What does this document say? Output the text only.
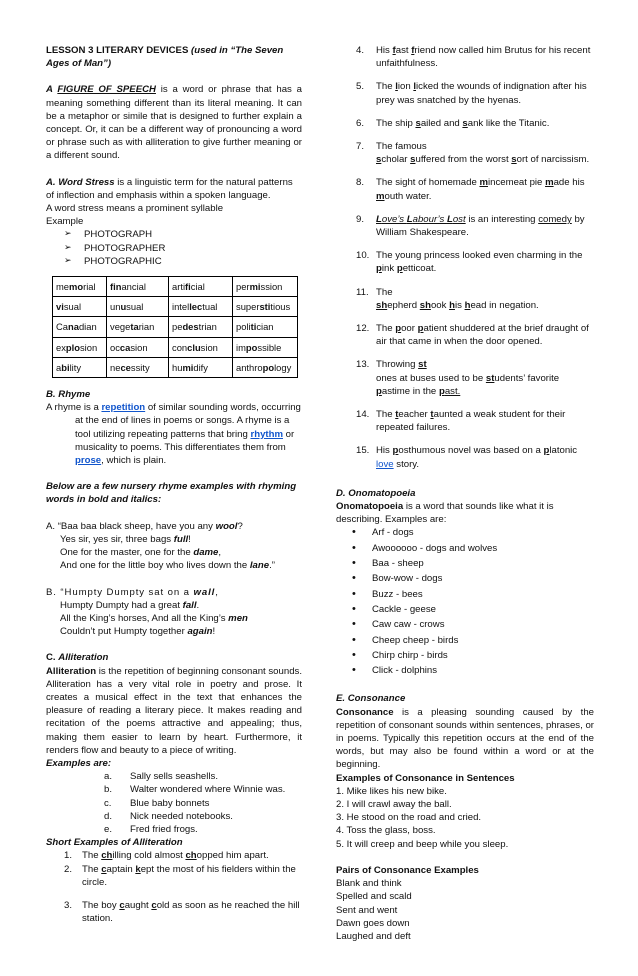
LESSON 3 LITERARY DEVICES (used in “The Seven Ages of Man”)

A FIGURE OF SPEECH is a word or phrase that has a meaning something different than its literal meaning. It can be a metaphor or simile that is designed to further explain a concept. Or, it can be a different way of pronouncing a word or phrase such as with alliteration to give further meaning or a different sound.

A. Word Stress is a linguistic term for the natural patterns of inflection and emphasis within a spoken language.

A word stress means a prominent syllable

Example

➢ PHOTOGRAPH
➢ PHOTOGRAPHER
➢ PHOTOGRAPHIC
memorial	financial	artificial	permission
visual	unusual	intellectual	superstitious
Canadian	vegetarian	pedestrian	politician
explosion	occasion	conclusion	impossible
ability	necessity	humidify	anthropology

B. Rhyme

A rhyme is a repetition of similar sounding words, occurring at the end of lines in poems or songs. A rhyme is a tool utilizing repeating patterns that bring rhythm or musicality to poems. This differentiates them from prose, which is plain.

Below are a few nursery rhyme examples with rhyming words in bold and italics:

A. “Baa baa black sheep, have you any wool?

Yes sir, yes sir, three bags full!

One for the master, one for the dame,

And one for the little boy who lives down the lane.”

B. “Humpty Dumpty sat on a wall,

Humpty Dumpty had a great fall.

All the King’s horses, And all the King’s men

Couldn’t put Humpty together again!

C. Alliteration

Alliteration is the repetition of beginning consonant sounds. Alliteration has a very vital role in poetry and prose. It creates a musical effect in the text that enhances the pleasure of reading a literary piece. It makes reading and recitation of the poems attractive and appealing; thus, making them easier to learn by heart. Furthermore, it renders flow and beauty to a piece of writing.

Examples are:

a. Sally sells seashells.
b. Walter wondered where Winnie was.
c. Blue baby bonnets
d. Nick needed notebooks.
e. Fred fried frogs.

Short Examples of Alliteration

1. The chilling cold almost chopped him apart.
2. The captain kept the most of his fielders within the circle.
3. The boy caught cold as soon as he reached the hill station.
4. His fast friend now called him Brutus for his recent unfaithfulness.
5. The lion licked the wounds of indignation after his prey was snatched by the hyenas.
6. The ship sailed and sank like the Titanic.
7. The famous
scholar suffered from the worst sort of narcissism.
8. The sight of homemade mincemeat pie made his mouth water.
9. Love’s Labour’s Lost is an interesting comedy by William Shakespeare.
10. The young princess looked even charming in the pink petticoat.
11. The
shepherd shook his head in negation.
12. The poor patient shuddered at the brief draught of air that came in when the door opened.
13. Throwing st
ones at buses used to be students’ favorite pastime in the past.
14. The teacher taunted a weak student for their repeated failures.
15. His posthumous novel was based on a platonic love story.

D. Onomatopoeia

Onomatopoeia is a word that sounds like what it is describing. Examples are:

• Arf - dogs
• Awoooooo - dogs and wolves
• Baa - sheep
• Bow-wow - dogs
• Buzz - bees
• Cackle - geese
• Caw caw - crows
• Cheep cheep - birds
• Chirp chirp - birds
• Click - dolphins

E. Consonance

Consonance is a pleasing sounding caused by the repetition of consonant sounds within sentences, phrases, or in poems. Typically this repetition occurs at the end of the words, but may also be found within a word or at the beginning.

Examples of Consonance in Sentences

1. Mike likes his new bike.
2. I will crawl away the ball.
3. He stood on the road and cried.
4. Toss the glass, boss.
5. It will creep and beep while you sleep.

Pairs of Consonance Examples

Blank and think
Spelled and scald
Sent and went
Dawn goes down
Laughed and deft
